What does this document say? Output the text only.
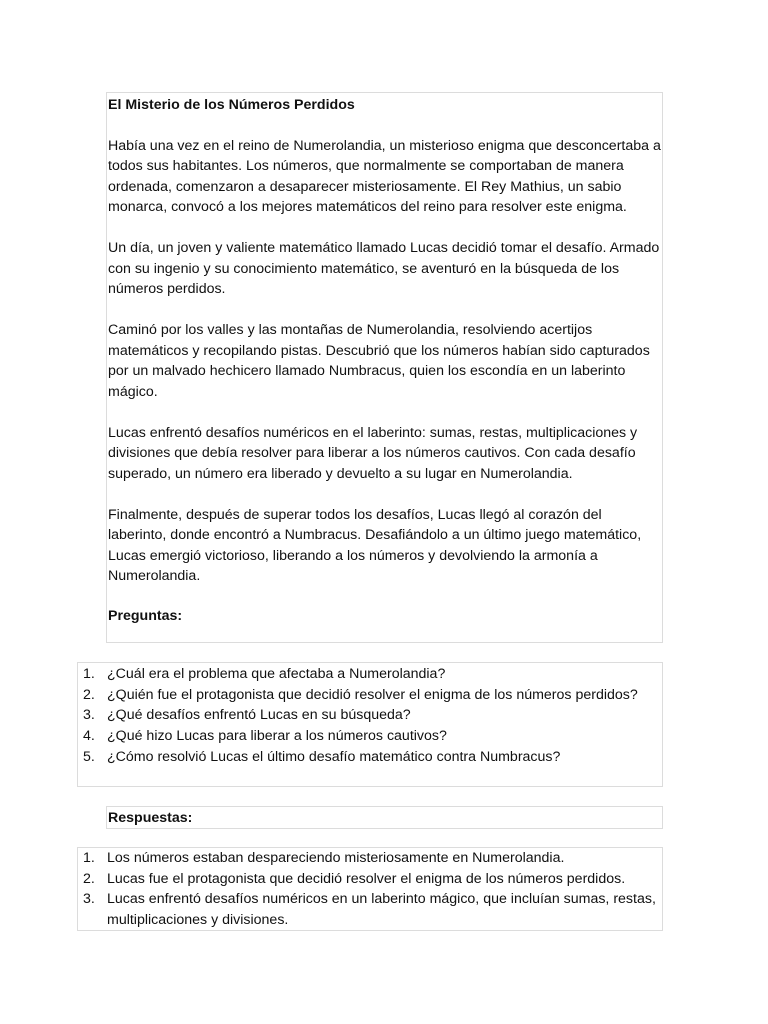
El Misterio de los Números Perdidos

Había una vez en el reino de Numerolandia, un misterioso enigma que desconcertaba a todos sus habitantes. Los números, que normalmente se comportaban de manera ordenada, comenzaron a desaparecer misteriosamente. El Rey Mathius, un sabio monarca, convocó a los mejores matemáticos del reino para resolver este enigma.

Un día, un joven y valiente matemático llamado Lucas decidió tomar el desafío. Armado con su ingenio y su conocimiento matemático, se aventuró en la búsqueda de los números perdidos.

Caminó por los valles y las montañas de Numerolandia, resolviendo acertijos matemáticos y recopilando pistas. Descubrió que los números habían sido capturados por un malvado hechicero llamado Numbracus, quien los escondía en un laberinto mágico.

Lucas enfrentó desafíos numéricos en el laberinto: sumas, restas, multiplicaciones y divisiones que debía resolver para liberar a los números cautivos. Con cada desafío superado, un número era liberado y devuelto a su lugar en Numerolandia.

Finalmente, después de superar todos los desafíos, Lucas llegó al corazón del laberinto, donde encontró a Numbracus. Desafiándolo a un último juego matemático, Lucas emergió victorioso, liberando a los números y devolviendo la armonía a Numerolandia.

Preguntas:

1. ¿Cuál era el problema que afectaba a Numerolandia?
2. ¿Quién fue el protagonista que decidió resolver el enigma de los números perdidos?
3. ¿Qué desafíos enfrentó Lucas en su búsqueda?
4. ¿Qué hizo Lucas para liberar a los números cautivos?
5. ¿Cómo resolvió Lucas el último desafío matemático contra Numbracus?

Respuestas:

1. Los números estaban despareciendo misteriosamente en Numerolandia.
2. Lucas fue el protagonista que decidió resolver el enigma de los números perdidos.
3. Lucas enfrentó desafíos numéricos en un laberinto mágico, que incluían sumas, restas, multiplicaciones y divisiones.
